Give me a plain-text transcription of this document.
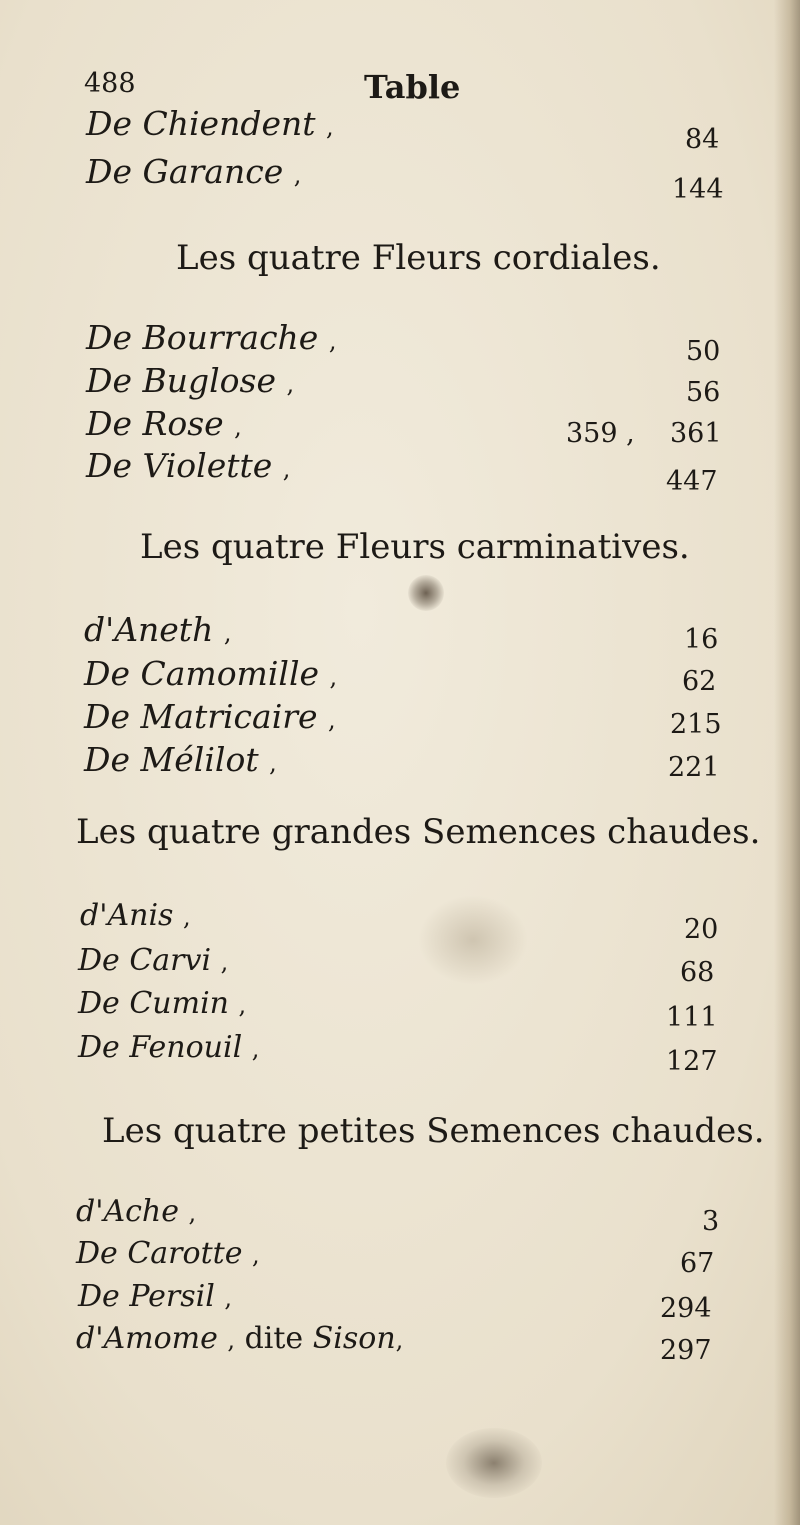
488	Table
De Chiendent ,	84
De Garance ,	144
Les quatre Fleurs cordiales.
De Bourrache ,	50
De Buglose ,	56
De Rose ,	359 , 361
De Violette ,	447
Les quatre Fleurs carminatives.
d'Aneth ,	16
De Camomille ,	62
De Matricaire ,	215
De Mélilot ,	221
Les quatre grandes Semences chaudes.
d'Anis ,	20
De Carvi ,	68
De Cumin ,	111
De Fenouil ,	127
Les quatre petites Semences chaudes.
d'Ache ,	3
De Carotte ,	67
De Persil ,	294
d'Amome , dite Sison,	297
